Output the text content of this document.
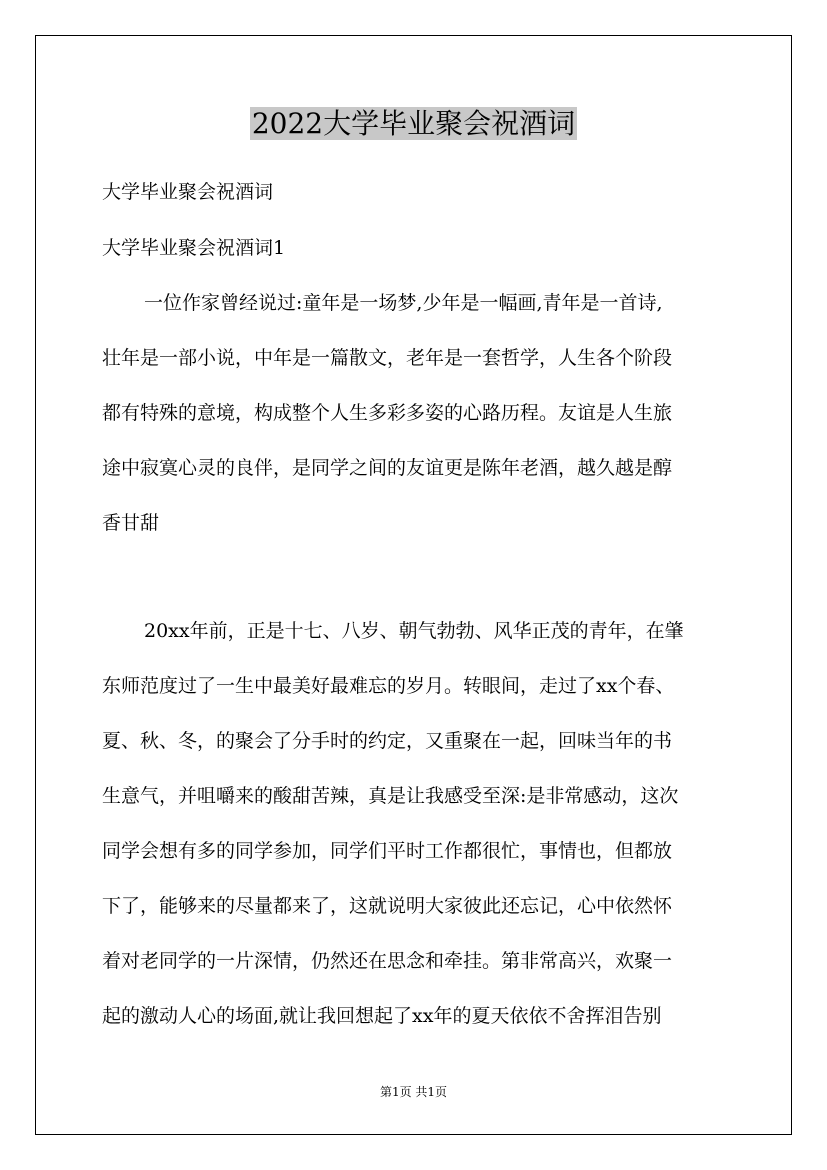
2022大学毕业聚会祝酒词
大学毕业聚会祝酒词
大学毕业聚会祝酒词1
一位作家曾经说过:童年是一场梦,少年是一幅画,青年是一首诗,
壮年是一部小说，中年是一篇散文，老年是一套哲学，人生各个阶段
都有特殊的意境，构成整个人生多彩多姿的心路历程。友谊是人生旅
途中寂寞心灵的良伴，是同学之间的友谊更是陈年老酒，越久越是醇
香甘甜
20xx年前，正是十七、八岁、朝气勃勃、风华正茂的青年，在肇
东师范度过了一生中最美好最难忘的岁月。转眼间，走过了xx个春、
夏、秋、冬，的聚会了分手时的约定，又重聚在一起，回味当年的书
生意气，并咀嚼来的酸甜苦辣，真是让我感受至深:是非常感动，这次
同学会想有多的同学参加，同学们平时工作都很忙，事情也，但都放
下了，能够来的尽量都来了，这就说明大家彼此还忘记，心中依然怀
着对老同学的一片深情，仍然还在思念和牵挂。第非常高兴，欢聚一
起的激动人心的场面,就让我回想起了xx年的夏天依依不舍挥泪告别
第1页 共1页
